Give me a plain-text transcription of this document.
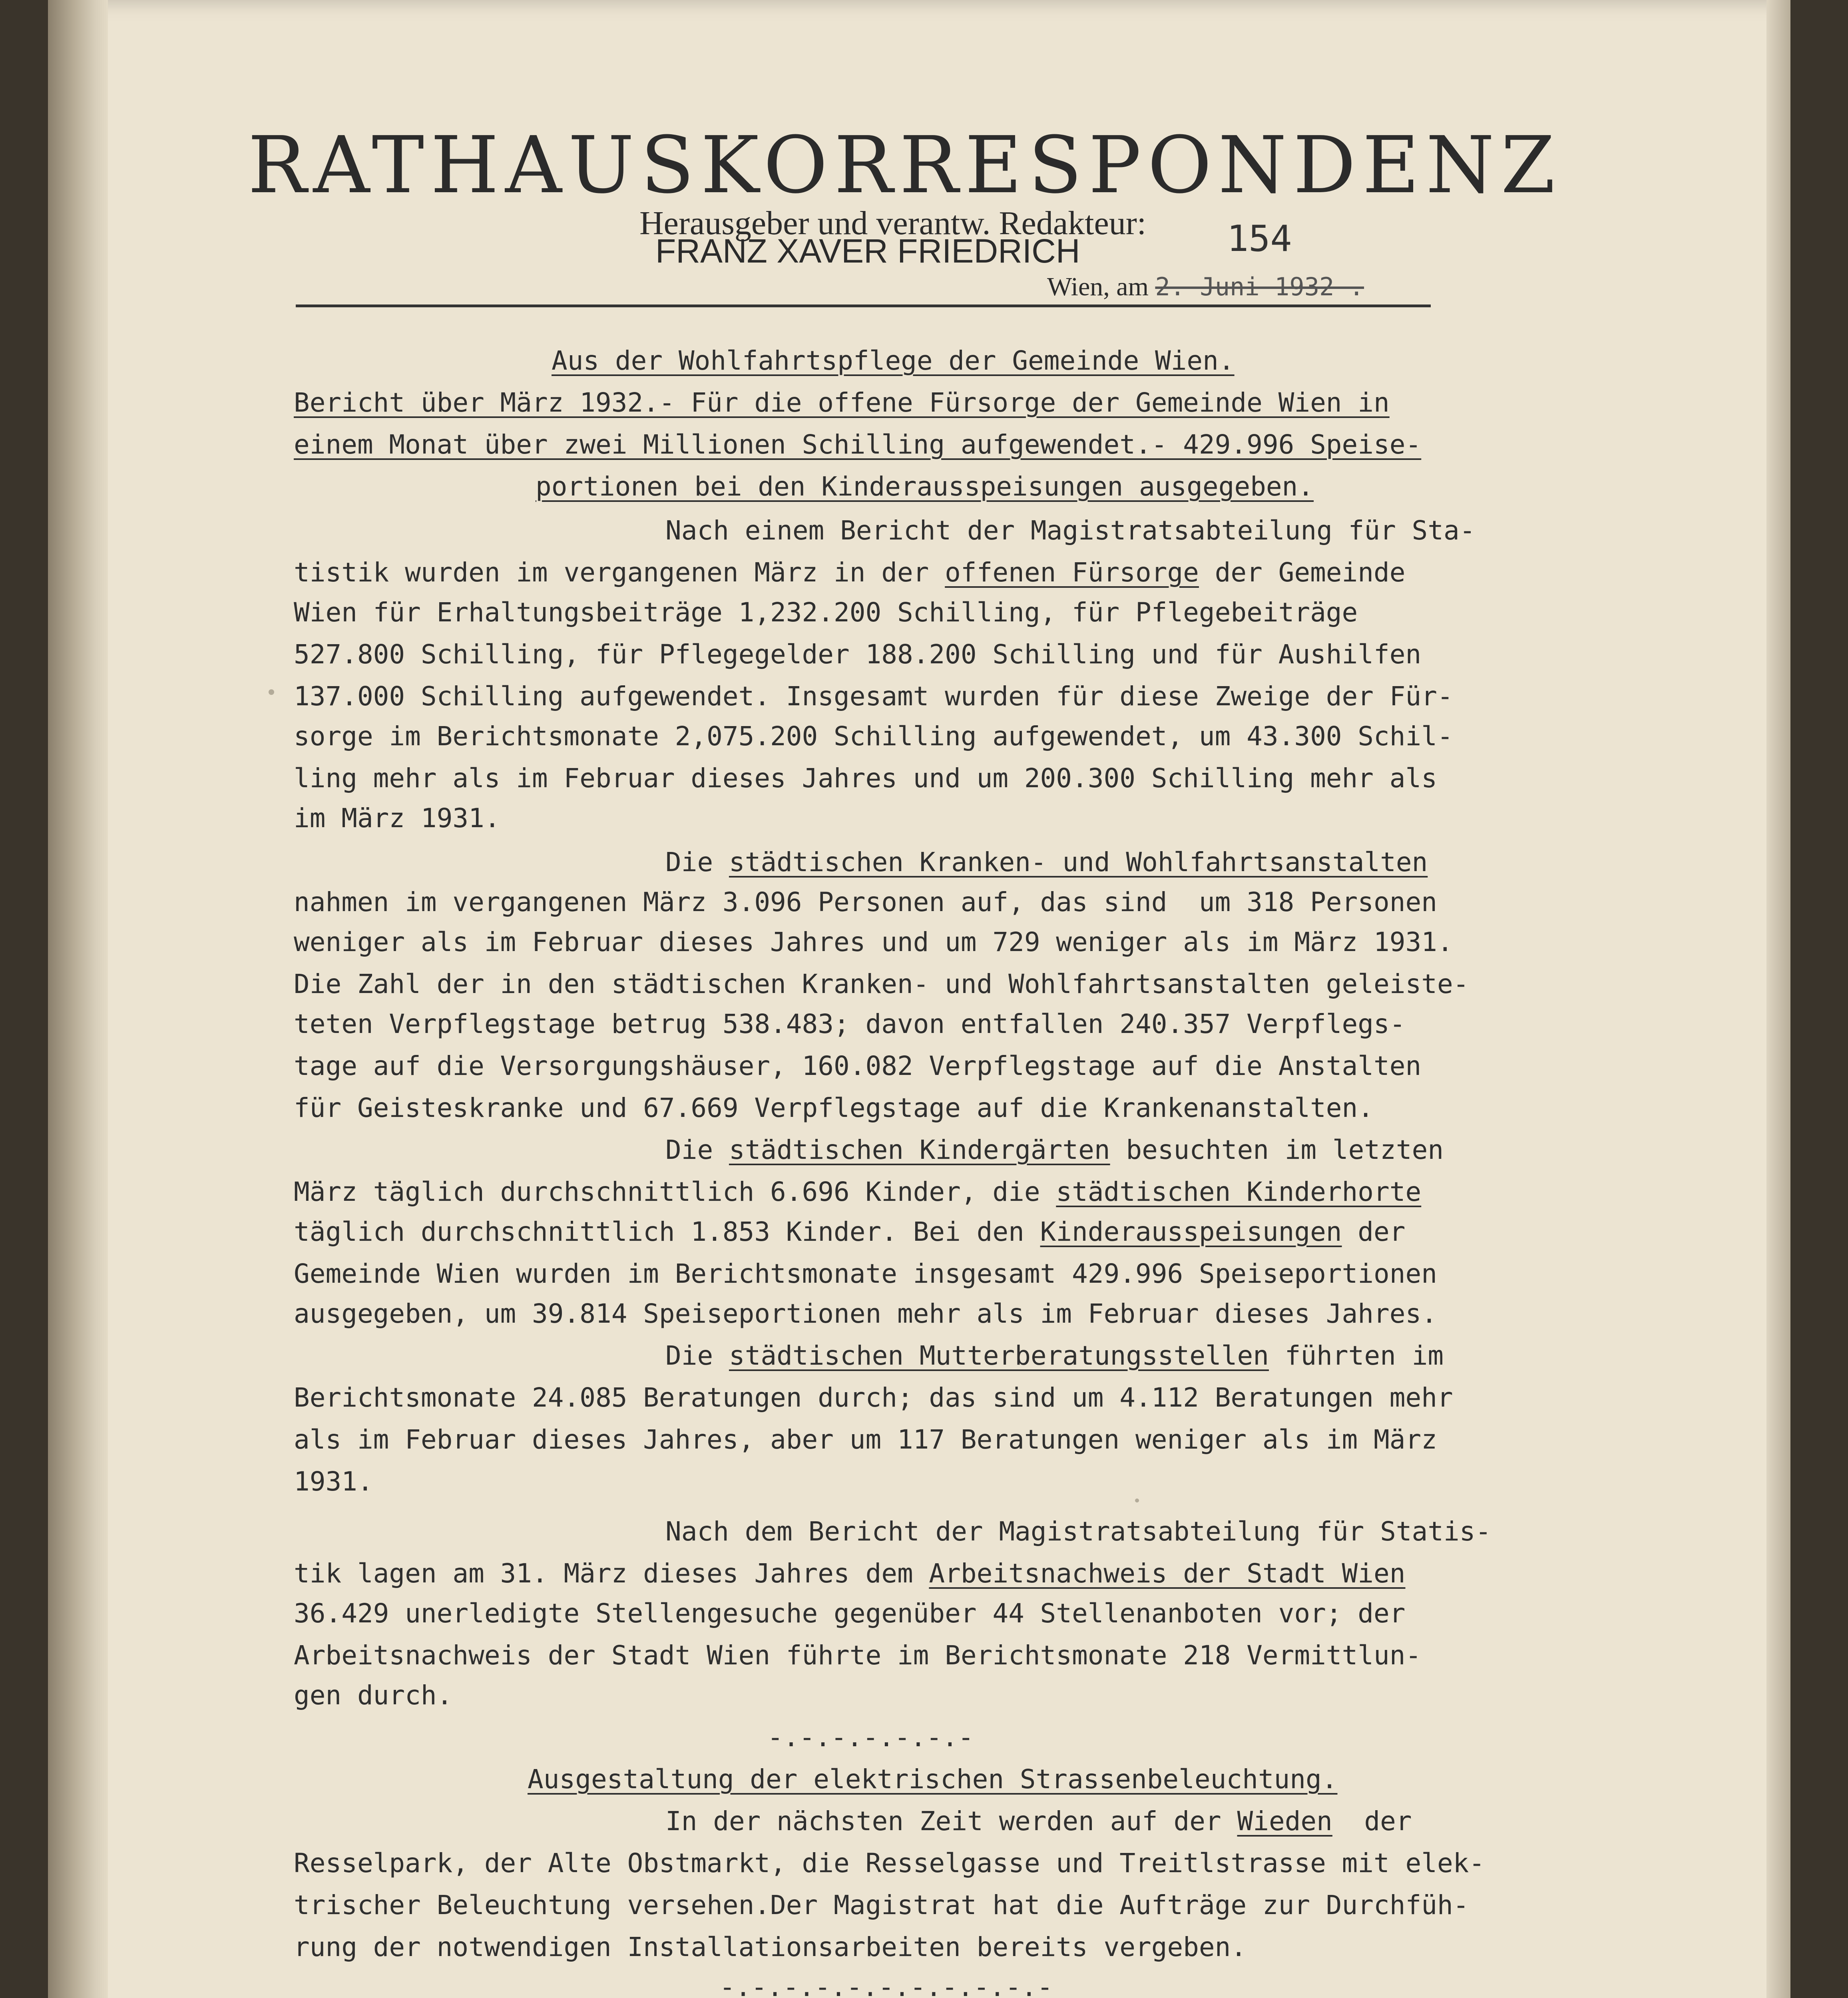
RATHAUSKORRESPONDENZ
Herausgeber und verantw. Redakteur:
FRANZ XAVER FRIEDRICH	154
Wien, am 2. Juni 1932 .
Aus der Wohlfahrtspflege der Gemeinde Wien.
Bericht über März 1932.- Für die offene Fürsorge der Gemeinde Wien in
einem Monat über zwei Millionen Schilling aufgewendet.- 429.996 Speise-
portionen bei den Kinderausspeisungen ausgegeben.
Nach einem Bericht der Magistratsabteilung für Sta-
tistik wurden im vergangenen März in der offenen Fürsorge der Gemeinde
Wien für Erhaltungsbeiträge 1,232.200 Schilling, für Pflegebeiträge
527.800 Schilling, für Pflegegelder 188.200 Schilling und für Aushilfen
137.000 Schilling aufgewendet. Insgesamt wurden für diese Zweige der Für-
sorge im Berichtsmonate 2,075.200 Schilling aufgewendet, um 43.300 Schil-
ling mehr als im Februar dieses Jahres und um 200.300 Schilling mehr als
im März 1931.
Die städtischen Kranken- und Wohlfahrtsanstalten
nahmen im vergangenen März 3.096 Personen auf, das sind  um 318 Personen
weniger als im Februar dieses Jahres und um 729 weniger als im März 1931.
Die Zahl der in den städtischen Kranken- und Wohlfahrtsanstalten geleiste-
teten Verpflegstage betrug 538.483; davon entfallen 240.357 Verpflegs-
tage auf die Versorgungshäuser, 160.082 Verpflegstage auf die Anstalten
für Geisteskranke und 67.669 Verpflegstage auf die Krankenanstalten.
Die städtischen Kindergärten besuchten im letzten
März täglich durchschnittlich 6.696 Kinder, die städtischen Kinderhorte
täglich durchschnittlich 1.853 Kinder. Bei den Kinderausspeisungen der
Gemeinde Wien wurden im Berichtsmonate insgesamt 429.996 Speiseportionen
ausgegeben, um 39.814 Speiseportionen mehr als im Februar dieses Jahres.
Die städtischen Mutterberatungsstellen führten im
Berichtsmonate 24.085 Beratungen durch; das sind um 4.112 Beratungen mehr
als im Februar dieses Jahres, aber um 117 Beratungen weniger als im März
1931.
Nach dem Bericht der Magistratsabteilung für Statis-
tik lagen am 31. März dieses Jahres dem Arbeitsnachweis der Stadt Wien
36.429 unerledigte Stellengesuche gegenüber 44 Stellenanboten vor; der
Arbeitsnachweis der Stadt Wien führte im Berichtsmonate 218 Vermittlun-
gen durch.
-.-.-.-.-.-.-
Ausgestaltung der elektrischen Strassenbeleuchtung.
In der nächsten Zeit werden auf der Wieden  der
Resselpark, der Alte Obstmarkt, die Resselgasse und Treitlstrasse mit elek-
trischer Beleuchtung versehen.Der Magistrat hat die Aufträge zur Durchfüh-
rung der notwendigen Installationsarbeiten bereits vergeben.
-.-.-.-.-.-.-.-.-.-.-
